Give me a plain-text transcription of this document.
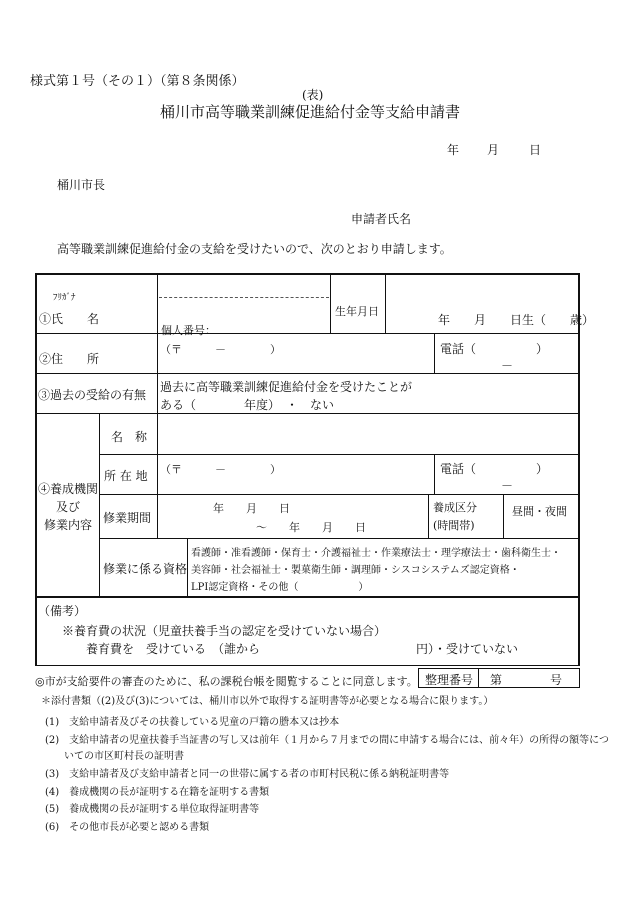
様式第１号（その１）（第８条関係）
(表)
桶川市高等職業訓練促進給付金等支給申請書
年 月 日
桶川市長
申請者氏名
高等職業訓練促進給付金の支給を受けたいので、次のとおり申請します。
ﾌﾘｶﾞﾅ
①氏　　名
個人番号：
生年月日
年　　月　　日生（　　歳）
②住　　所
（〒　　　－　　　　）	電話（　　　　　）
－
③過去の受給の有無
過去に高等職業訓練促進給付金を受けたことが
ある（　　　　年度）　・　ない
④養成機関
及び
修業内容
名　称
所 在 地 （〒　　　－　　　　）	電話（　　　　　）
－
修業期間
年　　月　　日
～　　年　　月　　日
養成区分
(時間帯)
昼間・夜間
修業に係る資格
看護師・准看護師・保育士・介護福祉士・作業療法士・理学療法士・歯科衛生士・
美容師・社会福祉士・製菓衛生師・調理師・シスコシステムズ認定資格・
LPI認定資格・その他（　　　　　　）
（備考）
※養育費の状況（児童扶養手当の認定を受けていない場合）
養育費を　受けている　（誰から　　　　　　　　　　　　　円）・受けていない
◎市が支給要件の審査のために、私の課税台帳を閲覧することに同意します。 整理番号 第　　　　号
＊添付書類（(2)及び(3)については、桶川市以外で取得する証明書等が必要となる場合に限ります。）
(1)　支給申請者及びその扶養している児童の戸籍の謄本又は抄本
(2)　支給申請者の児童扶養手当証書の写し又は前年（１月から７月までの間に申請する場合には、前々年）の所得の額等につ
いての市区町村長の証明書
(3)　支給申請者及び支給申請者と同一の世帯に属する者の市町村民税に係る納税証明書等
(4)　養成機関の長が証明する在籍を証明する書類
(5)　養成機関の長が証明する単位取得証明書等
(6)　その他市長が必要と認める書類
